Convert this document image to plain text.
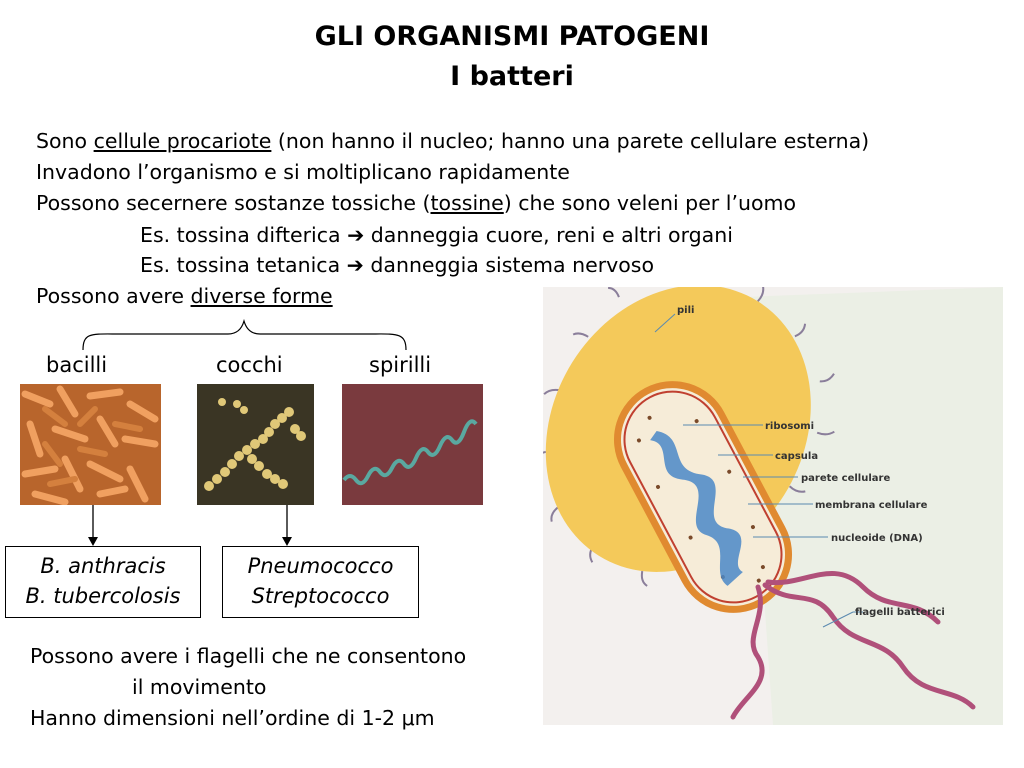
GLI ORGANISMI PATOGENI
I batteri
Sono cellule procariote (non hanno il nucleo; hanno una parete cellulare esterna)
Invadono l’organismo e si moltiplicano rapidamente
Possono secernere sostanze tossiche (tossine) che sono veleni per l’uomo
Es. tossina difterica ➔ danneggia cuore, reni e altri organi
Es. tossina tetanica ➔ danneggia sistema nervoso
Possono avere diverse forme
bacilli	cocchi	spirilli
B. anthracis
B. tubercolosis
Pneumococco
Streptococco
Possono avere i flagelli che ne consentono
il movimento
Hanno dimensioni nell’ordine di 1-2 μm
pili
ribosomi
capsula
parete cellulare
membrana cellulare
nucleoide (DNA)
flagelli batterici
